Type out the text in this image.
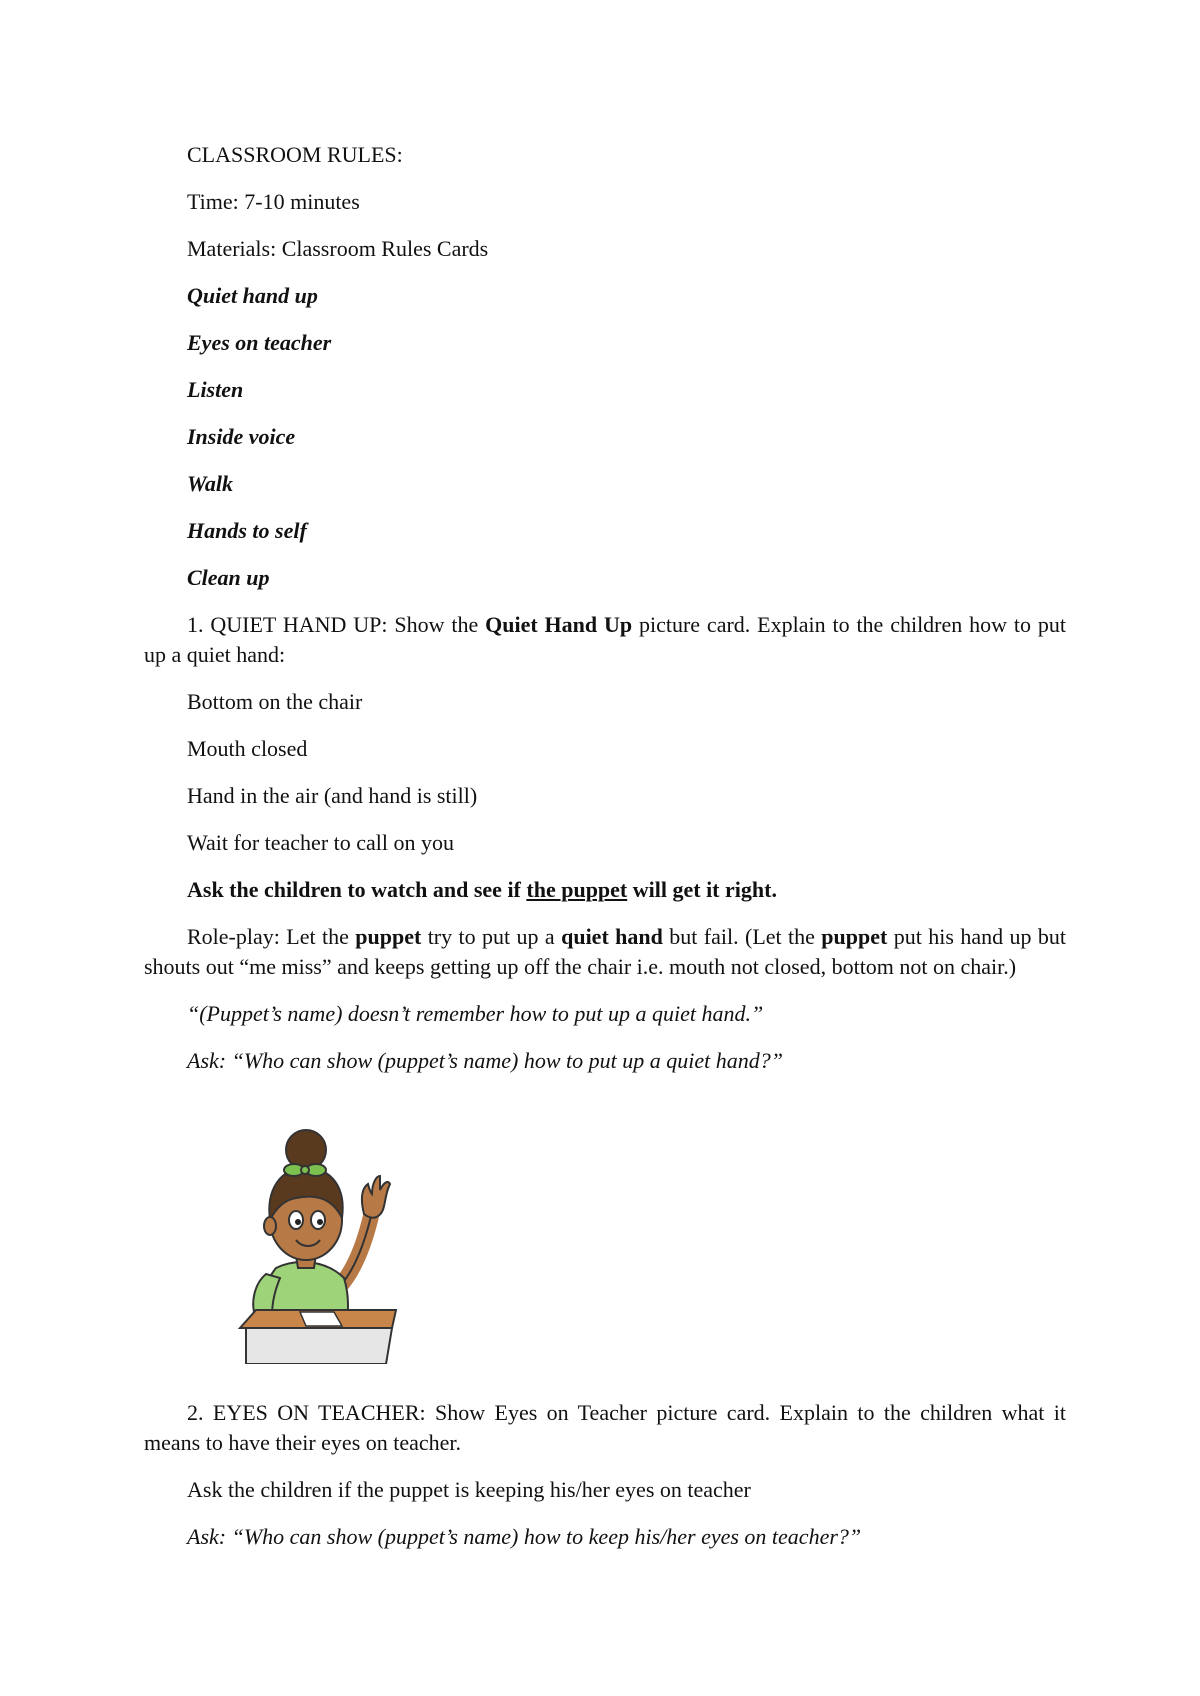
CLASSROOM RULES:

Time: 7-10 minutes

Materials: Classroom Rules Cards

Quiet hand up

Eyes on teacher

Listen

Inside voice

Walk

Hands to self

Clean up

1. QUIET HAND UP: Show the Quiet Hand Up picture card. Explain to the children how to put up a quiet hand:

Bottom on the chair

Mouth closed

Hand in the air (and hand is still)

Wait for teacher to call on you

Ask the children to watch and see if the puppet will get it right.

Role-play: Let the puppet try to put up a quiet hand but fail. (Let the puppet put his hand up but shouts out “me miss” and keeps getting up off the chair i.e. mouth not closed, bottom not on chair.)

“(Puppet’s name) doesn’t remember how to put up a quiet hand.”

Ask: “Who can show (puppet’s name) how to put up a quiet hand?”

2. EYES ON TEACHER: Show Eyes on Teacher picture card. Explain to the children what it means to have their eyes on teacher.

Ask the children if the puppet is keeping his/her eyes on teacher

Ask: “Who can show (puppet’s name) how to keep his/her eyes on teacher?”
